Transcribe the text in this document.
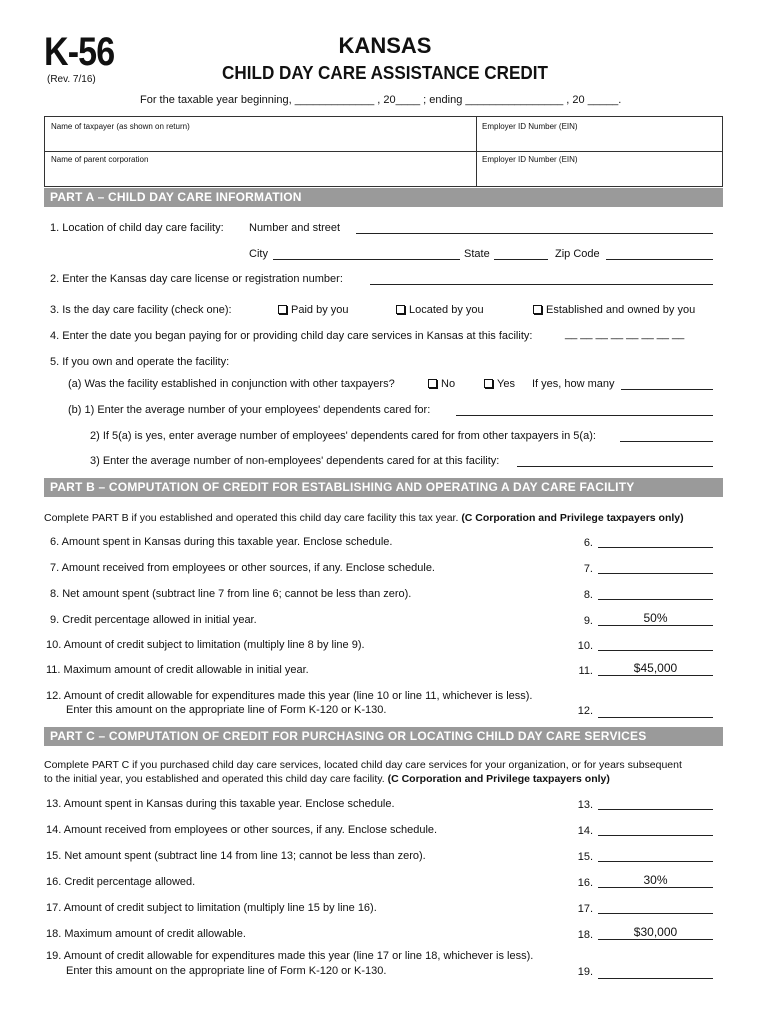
K-56
(Rev. 7/16)
KANSAS
CHILD DAY CARE ASSISTANCE CREDIT
For the taxable year beginning, _____________ , 20____ ; ending ________________ , 20 _____.
Name of taxpayer (as shown on return)	Employer ID Number (EIN)
Name of parent corporation	Employer ID Number (EIN)
PART A – CHILD DAY CARE INFORMATION
1. Location of child day care facility: Number and street
City	State	Zip Code
2. Enter the Kansas day care license or registration number:
3. Is the day care facility (check one):	Paid by you	Located by you	Established and owned by you
4. Enter the date you began paying for or providing child day care services in Kansas at this facility:	__ __ __ __ __ __ __ __
5. If you own and operate the facility:
(a) Was the facility established in conjunction with other taxpayers?	No	Yes If yes, how many
(b) 1) Enter the average number of your employees' dependents cared for:
2) If 5(a) is yes, enter average number of employees' dependents cared for from other taxpayers in 5(a):
3) Enter the average number of non-employees' dependents cared for at this facility:
PART B – COMPUTATION OF CREDIT FOR ESTABLISHING AND OPERATING A DAY CARE FACILITY
Complete PART B if you established and operated this child day care facility this tax year. (C Corporation and Privilege taxpayers only)
6. Amount spent in Kansas during this taxable year. Enclose schedule.	6.
7. Amount received from employees or other sources, if any. Enclose schedule.	7.
8. Net amount spent (subtract line 7 from line 6; cannot be less than zero).	8.
9. Credit percentage allowed in initial year.	9.	50%
10. Amount of credit subject to limitation (multiply line 8 by line 9).	10.
11. Maximum amount of credit allowable in initial year.	11.	$45,000
12. Amount of credit allowable for expenditures made this year (line 10 or line 11, whichever is less).
Enter this amount on the appropriate line of Form K-120 or K-130.	12.
PART C – COMPUTATION OF CREDIT FOR PURCHASING OR LOCATING CHILD DAY CARE SERVICES
Complete PART C if you purchased child day care services, located child day care services for your organization, or for years subsequent
to the initial year, you established and operated this child day care facility. (C Corporation and Privilege taxpayers only)
13. Amount spent in Kansas during this taxable year. Enclose schedule.	13.
14. Amount received from employees or other sources, if any. Enclose schedule.	14.
15. Net amount spent (subtract line 14 from line 13; cannot be less than zero).	15.
16. Credit percentage allowed.	16.	30%
17. Amount of credit subject to limitation (multiply line 15 by line 16).	17.
18. Maximum amount of credit allowable.	18.	$30,000
19. Amount of credit allowable for expenditures made this year (line 17 or line 18, whichever is less).
Enter this amount on the appropriate line of Form K-120 or K-130.	19.
